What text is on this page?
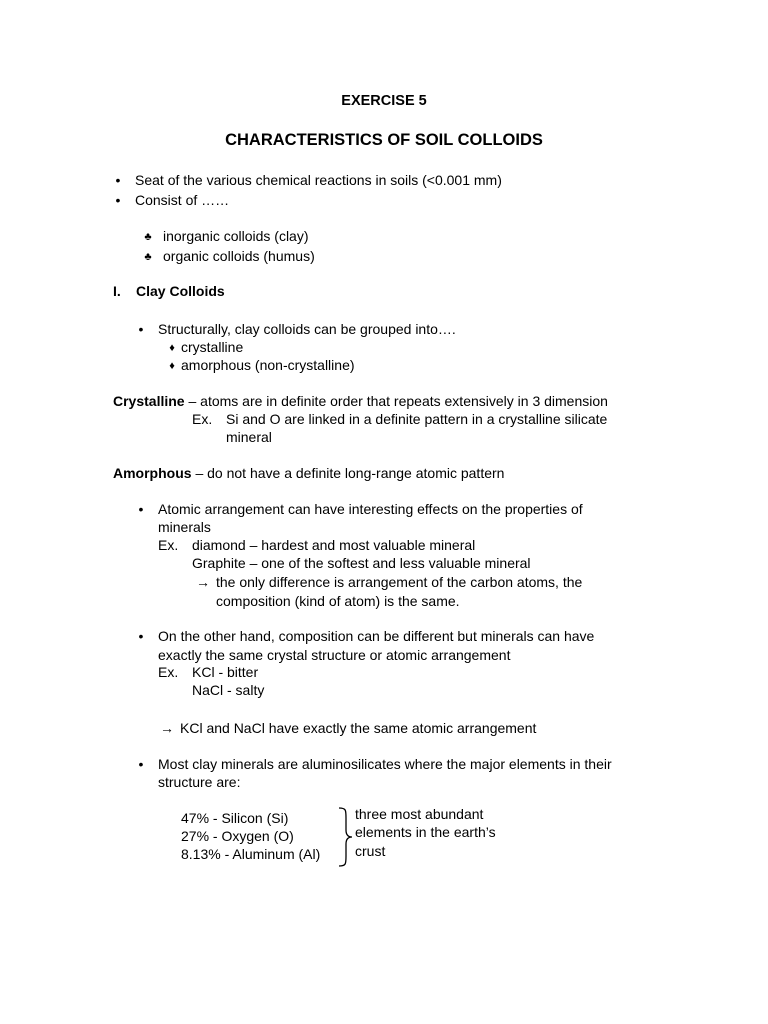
EXERCISE 5
CHARACTERISTICS OF SOIL COLLOIDS
• Seat of the various chemical reactions in soils (<0.001 mm)
• Consist of ……
♣ inorganic colloids (clay)
♣ organic colloids (humus)
I. Clay Colloids
• Structurally, clay colloids can be grouped into….
♦ crystalline
♦ amorphous (non-crystalline)
Crystalline – atoms are in definite order that repeats extensively in 3 dimension
Ex. Si and O are linked in a definite pattern in a crystalline silicate
mineral
Amorphous – do not have a definite long-range atomic pattern
• Atomic arrangement can have interesting effects on the properties of
minerals
Ex. diamond – hardest and most valuable mineral
Graphite – one of the softest and less valuable mineral
→ the only difference is arrangement of the carbon atoms, the
composition (kind of atom) is the same.
• On the other hand, composition can be different but minerals can have
exactly the same crystal structure or atomic arrangement
Ex. KCl - bitter
NaCl - salty
→ KCl and NaCl have exactly the same atomic arrangement
• Most clay minerals are aluminosilicates where the major elements in their
structure are:
47% - Silicon (Si)
27% - Oxygen (O)
8.13% - Aluminum (Al)
three most abundant
elements in the earth’s
crust
